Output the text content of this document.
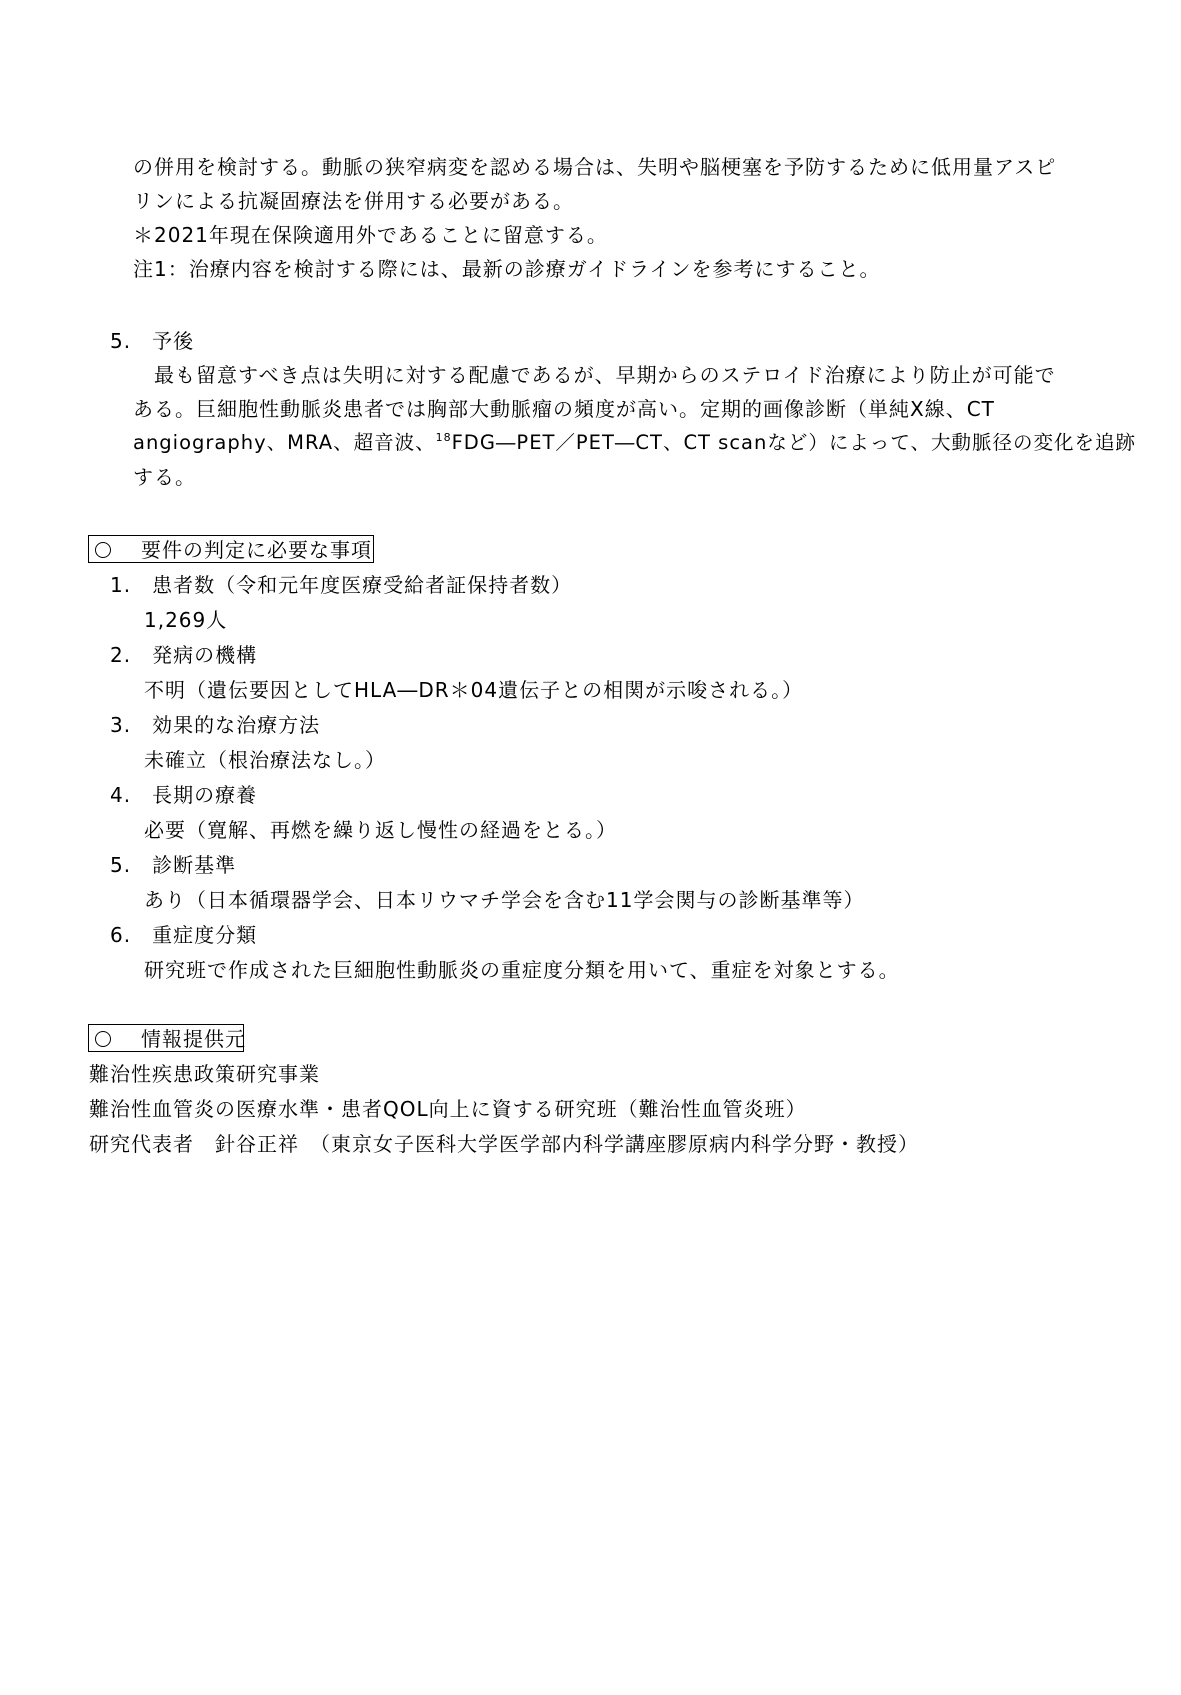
の併用を検討する。動脈の狭窄病変を認める場合は、失明や脳梗塞を予防するために低用量アスピ
リンによる抗凝固療法を併用する必要がある。
＊2021年現在保険適用外であることに留意する。
注1：治療内容を検討する際には、最新の診療ガイドラインを参考にすること。
5.　予後
　最も留意すべき点は失明に対する配慮であるが、早期からのステロイド治療により防止が可能で
ある。巨細胞性動脈炎患者では胸部大動脈瘤の頻度が高い。定期的画像診断（単純X線、CT
angiography、MRA、超音波、$^{18}$FDG―PET／PET―CT、CT scanなど）によって、大動脈径の変化を追跡
する。
要件の判定に必要な事項
1.　患者数（令和元年度医療受給者証保持者数）
1,269人
2.　発病の機構
不明（遺伝要因としてHLA―DR＊04遺伝子との相関が示唆される。）
3.　効果的な治療方法
未確立（根治療法なし。）
4.　長期の療養
必要（寛解、再燃を繰り返し慢性の経過をとる。）
5.　診断基準
あり（日本循環器学会、日本リウマチ学会を含む11学会関与の診断基準等）
6.　重症度分類
研究班で作成された巨細胞性動脈炎の重症度分類を用いて、重症を対象とする。
情報提供元
難治性疾患政策研究事業
難治性血管炎の医療水準・患者QOL向上に資する研究班（難治性血管炎班）
研究代表者　針谷正祥　（東京女子医科大学医学部内科学講座膠原病内科学分野・教授）
